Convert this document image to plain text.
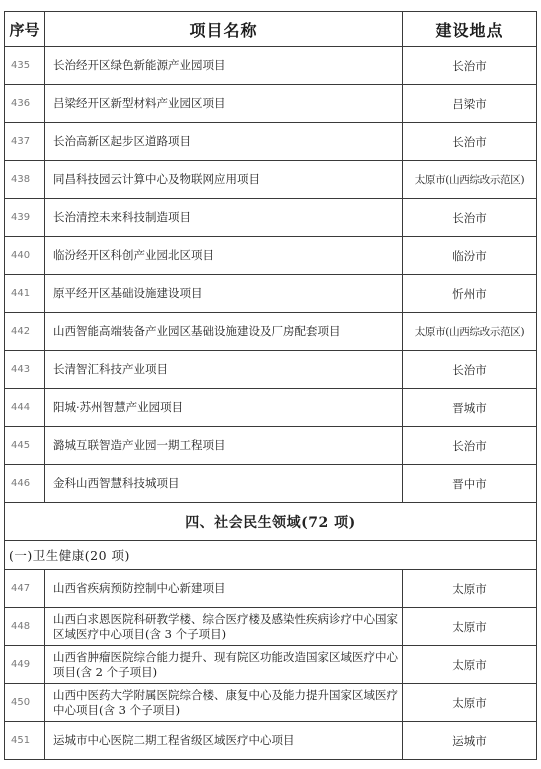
序号	项目名称	建设地点
435	长治经开区绿色新能源产业园项目	长治市
436	吕梁经开区新型材料产业园区项目	吕梁市
437	长治高新区起步区道路项目	长治市
438	同昌科技园云计算中心及物联网应用项目	太原市(山西综改示范区)
439	长治清控未来科技制造项目	长治市
440	临汾经开区科创产业园北区项目	临汾市
441	原平经开区基础设施建设项目	忻州市
442	山西智能高端装备产业园区基础设施建设及厂房配套项目	太原市(山西综改示范区)
443	长清智汇科技产业项目	长治市
444	阳城·苏州智慧产业园项目	晋城市
445	潞城互联智造产业园一期工程项目	长治市
446	金科山西智慧科技城项目	晋中市
四、社会民生领域(72 项)		
(一)卫生健康(20 项)		
447	山西省疾病预防控制中心新建项目	太原市
448	山西白求恩医院科研教学楼、综合医疗楼及感染性疾病诊疗中心国家区域医疗中心项目(含 3 个子项目)	太原市
449	山西省肿瘤医院综合能力提升、现有院区功能改造国家区域医疗中心项目(含 2 个子项目)	太原市
450	山西中医药大学附属医院综合楼、康复中心及能力提升国家区域医疗中心项目(含 3 个子项目)	太原市
451	运城市中心医院二期工程省级区域医疗中心项目	运城市
